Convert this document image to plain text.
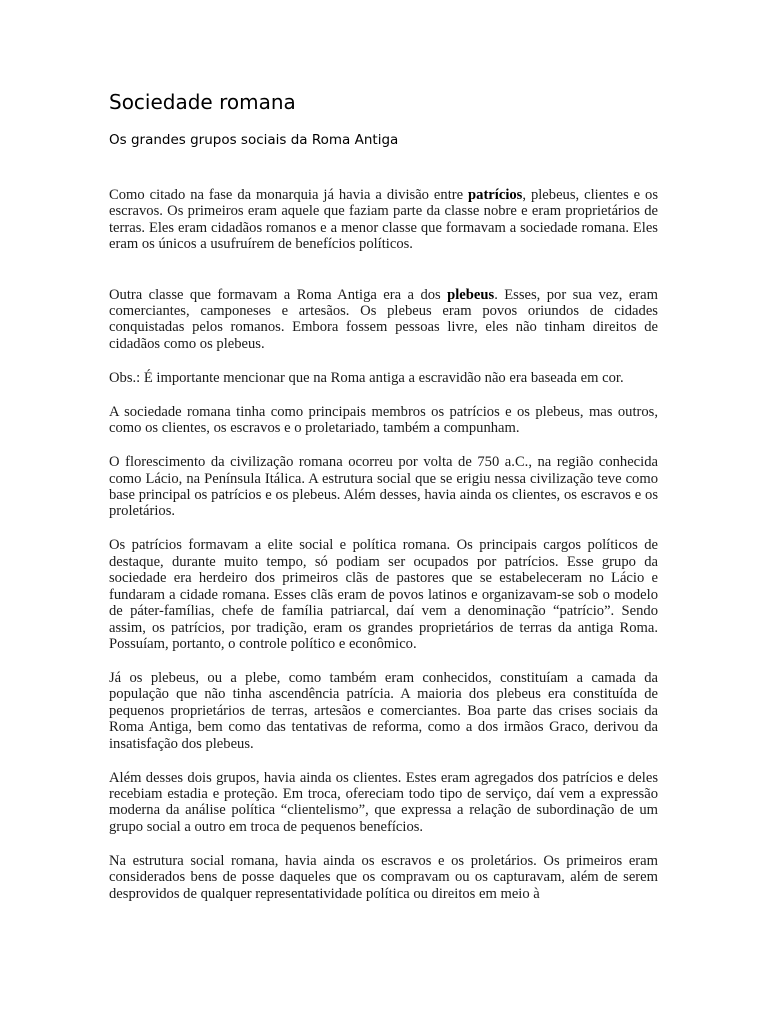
Sociedade romana
Os grandes grupos sociais da Roma Antiga

Como citado na fase da monarquia já havia a divisão entre patrícios, plebeus, clientes e os escravos. Os primeiros eram aquele que faziam parte da classe nobre e eram proprietários de terras. Eles eram cidadãos romanos e a menor classe que formavam a sociedade romana. Eles eram os únicos a usufruírem de benefícios políticos.

Outra classe que formavam a Roma Antiga era a dos plebeus. Esses, por sua vez, eram comerciantes, camponeses e artesãos. Os plebeus eram povos oriundos de cidades conquistadas pelos romanos. Embora fossem pessoas livre, eles não tinham direitos de cidadãos como os plebeus.

Obs.: É importante mencionar que na Roma antiga a escravidão não era baseada em cor.

A sociedade romana tinha como principais membros os patrícios e os plebeus, mas outros, como os clientes, os escravos e o proletariado, também a compunham.

O florescimento da civilização romana ocorreu por volta de 750 a.C., na região conhecida como Lácio, na Península Itálica. A estrutura social que se erigiu nessa civilização teve como base principal os patrícios e os plebeus. Além desses, havia ainda os clientes, os escravos e os proletários.

Os patrícios formavam a elite social e política romana. Os principais cargos políticos de destaque, durante muito tempo, só podiam ser ocupados por patrícios. Esse grupo da sociedade era herdeiro dos primeiros clãs de pastores que se estabeleceram no Lácio e fundaram a cidade romana. Esses clãs eram de povos latinos e organizavam-se sob o modelo de páter-famílias, chefe de família patriarcal, daí vem a denominação “patrício”. Sendo assim, os patrícios, por tradição, eram os grandes proprietários de terras da antiga Roma. Possuíam, portanto, o controle político e econômico.

Já os plebeus, ou a plebe, como também eram conhecidos, constituíam a camada da população que não tinha ascendência patrícia. A maioria dos plebeus era constituída de pequenos proprietários de terras, artesãos e comerciantes. Boa parte das crises sociais da Roma Antiga, bem como das tentativas de reforma, como a dos irmãos Graco, derivou da insatisfação dos plebeus.

Além desses dois grupos, havia ainda os clientes. Estes eram agregados dos patrícios e deles recebiam estadia e proteção. Em troca, ofereciam todo tipo de serviço, daí vem a expressão moderna da análise política “clientelismo”, que expressa a relação de subordinação de um grupo social a outro em troca de pequenos benefícios.

Na estrutura social romana, havia ainda os escravos e os proletários. Os primeiros eram considerados bens de posse daqueles que os compravam ou os capturavam, além de serem desprovidos de qualquer representatividade política ou direitos em meio à
